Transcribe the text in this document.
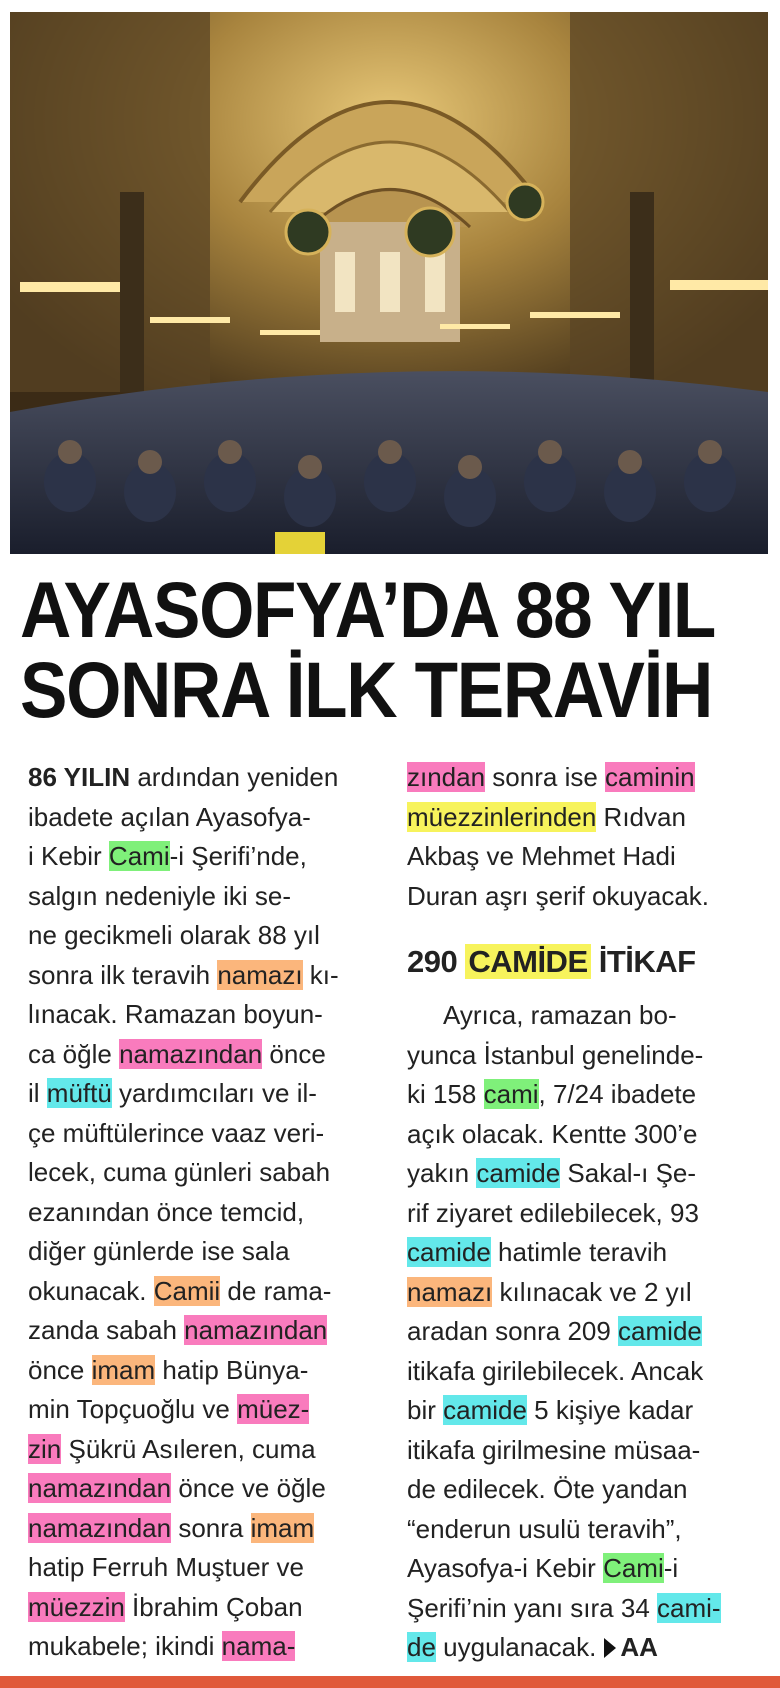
AYASOFYA’DA 88 YIL
SONRA İLK TERAVİH
86 YILIN ardından yeniden
ibadete açılan Ayasofya-
i Kebir Cami-i Şerifi’nde,
salgın nedeniyle iki se-
ne gecikmeli olarak 88 yıl
sonra ilk teravih namazı kı-
lınacak. Ramazan boyun-
ca öğle namazından önce
il müftü yardımcıları ve il-
çe müftülerince vaaz veri-
lecek, cuma günleri sabah
ezanından önce temcid,
diğer günlerde ise sala
okunacak. Camii de rama-
zanda sabah namazından
önce imam hatip Bünya-
min Topçuoğlu ve müez-
zin Şükrü Asıleren, cuma
namazından önce ve öğle
namazından sonra imam
hatip Ferruh Muştuer ve
müezzin İbrahim Çoban
mukabele; ikindi nama-
zından sonra ise caminin
müezzinlerinden Rıdvan
Akbaş ve Mehmet Hadi
Duran aşrı şerif okuyacak.
290 CAMİDE İTİKAF
Ayrıca, ramazan bo-
yunca İstanbul genelinde-
ki 158 cami, 7/24 ibadete
açık olacak. Kentte 300’e
yakın camide Sakal-ı Şe-
rif ziyaret edilebilecek, 93
camide hatimle teravih
namazı kılınacak ve 2 yıl
aradan sonra 209 camide
itikafa girilebilecek. Ancak
bir camide 5 kişiye kadar
itikafa girilmesine müsaa-
de edilecek. Öte yandan
“enderun usulü teravih”,
Ayasofya-i Kebir Cami-i
Şerifi’nin yanı sıra 34 cami-
de uygulanacak. AA
